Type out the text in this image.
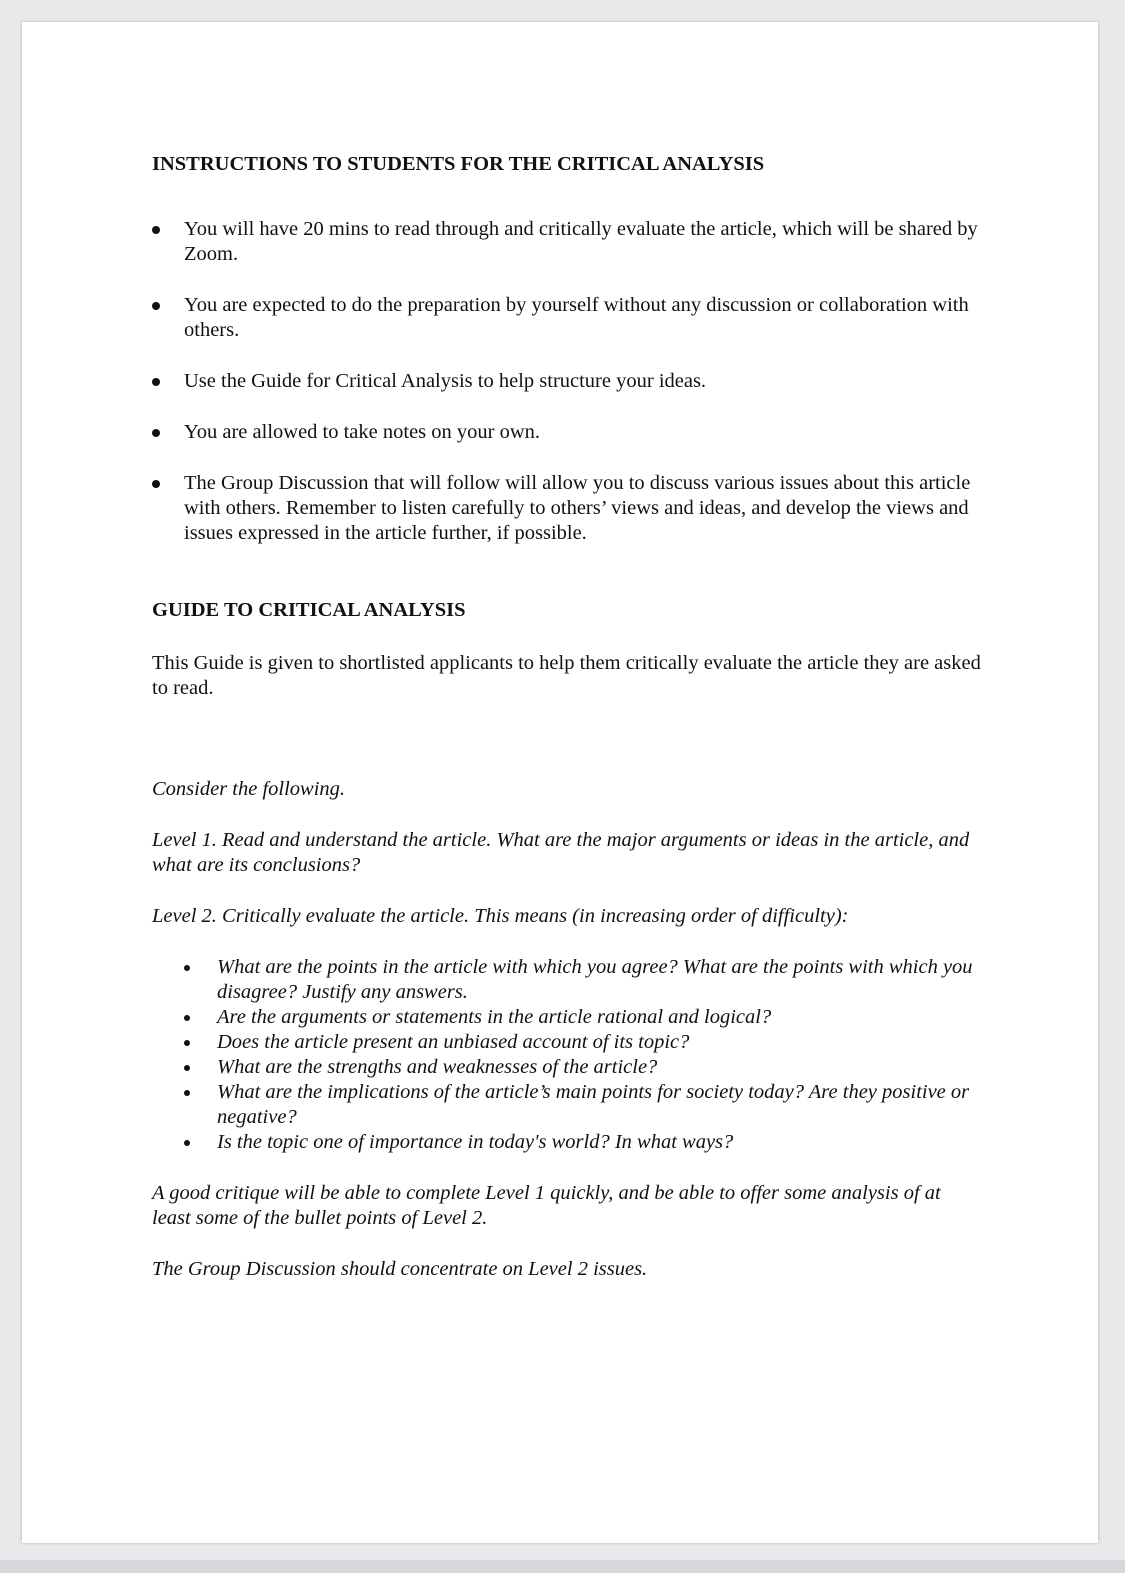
INSTRUCTIONS TO STUDENTS FOR THE CRITICAL ANALYSIS

You will have 20 mins to read through and critically evaluate the article, which will be shared by Zoom.
You are expected to do the preparation by yourself without any discussion or collaboration with others.
Use the Guide for Critical Analysis to help structure your ideas.
You are allowed to take notes on your own.
The Group Discussion that will follow will allow you to discuss various issues about this article with others. Remember to listen carefully to others’ views and ideas, and develop the views and issues expressed in the article further, if possible.

GUIDE TO CRITICAL ANALYSIS

This Guide is given to shortlisted applicants to help them critically evaluate the article they are asked to read.

Consider the following.

Level 1. Read and understand the article. What are the major arguments or ideas in the article, and what are its conclusions?

Level 2. Critically evaluate the article. This means (in increasing order of difficulty):

What are the points in the article with which you agree? What are the points with which you disagree? Justify any answers.
Are the arguments or statements in the article rational and logical?
Does the article present an unbiased account of its topic?
What are the strengths and weaknesses of the article?
What are the implications of the article’s main points for society today? Are they positive or negative?
Is the topic one of importance in today's world? In what ways?

A good critique will be able to complete Level 1 quickly, and be able to offer some analysis of at least some of the bullet points of Level 2.

The Group Discussion should concentrate on Level 2 issues.
